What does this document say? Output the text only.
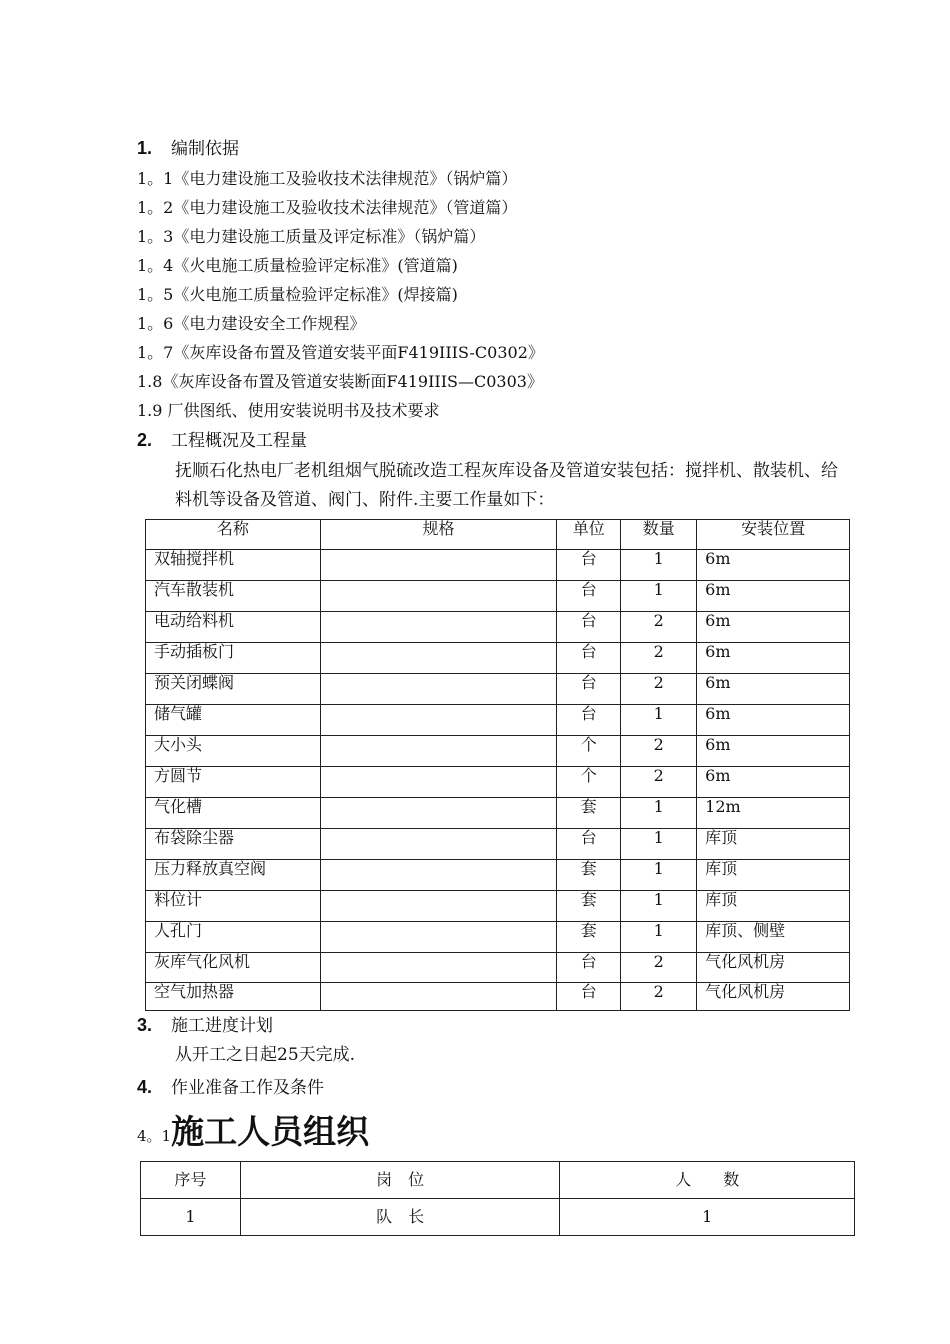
1. 编制依据
1。1《电力建设施工及验收技术法律规范》（锅炉篇）
1。2《电力建设施工及验收技术法律规范》（管道篇）
1。3《电力建设施工质量及评定标准》（锅炉篇）
1。4《火电施工质量检验评定标准》(管道篇)
1。5《火电施工质量检验评定标准》(焊接篇)
1。6《电力建设安全工作规程》
1。7《灰库设备布置及管道安装平面F419IIIS-C0302》
1.8《灰库设备布置及管道安装断面F419IIIS—C0303》
1.9 厂供图纸、使用安装说明书及技术要求
2. 工程概况及工程量
抚顺石化热电厂老机组烟气脱硫改造工程灰库设备及管道安装包括：搅拌机、散装机、给料机等设备及管道、阀门、附件.主要工作量如下：
名称	规格	单位	数量	安装位置
双轴搅拌机		台	1	6m
汽车散装机		台	1	6m
电动给料机		台	2	6m
手动插板门		台	2	6m
预关闭蝶阀		台	2	6m
储气罐		台	1	6m
大小头		个	2	6m
方圆节		个	2	6m
气化槽		套	1	12m
布袋除尘器		台	1	库顶
压力释放真空阀		套	1	库顶
料位计		套	1	库顶
人孔门		套	1	库顶、侧壁
灰库气化风机		台	2	气化风机房
空气加热器		台	2	气化风机房
3. 施工进度计划
从开工之日起25天完成.
4. 作业准备工作及条件
4。1施工人员组织
序号	岗　位	人　　数
1	队　长	1
